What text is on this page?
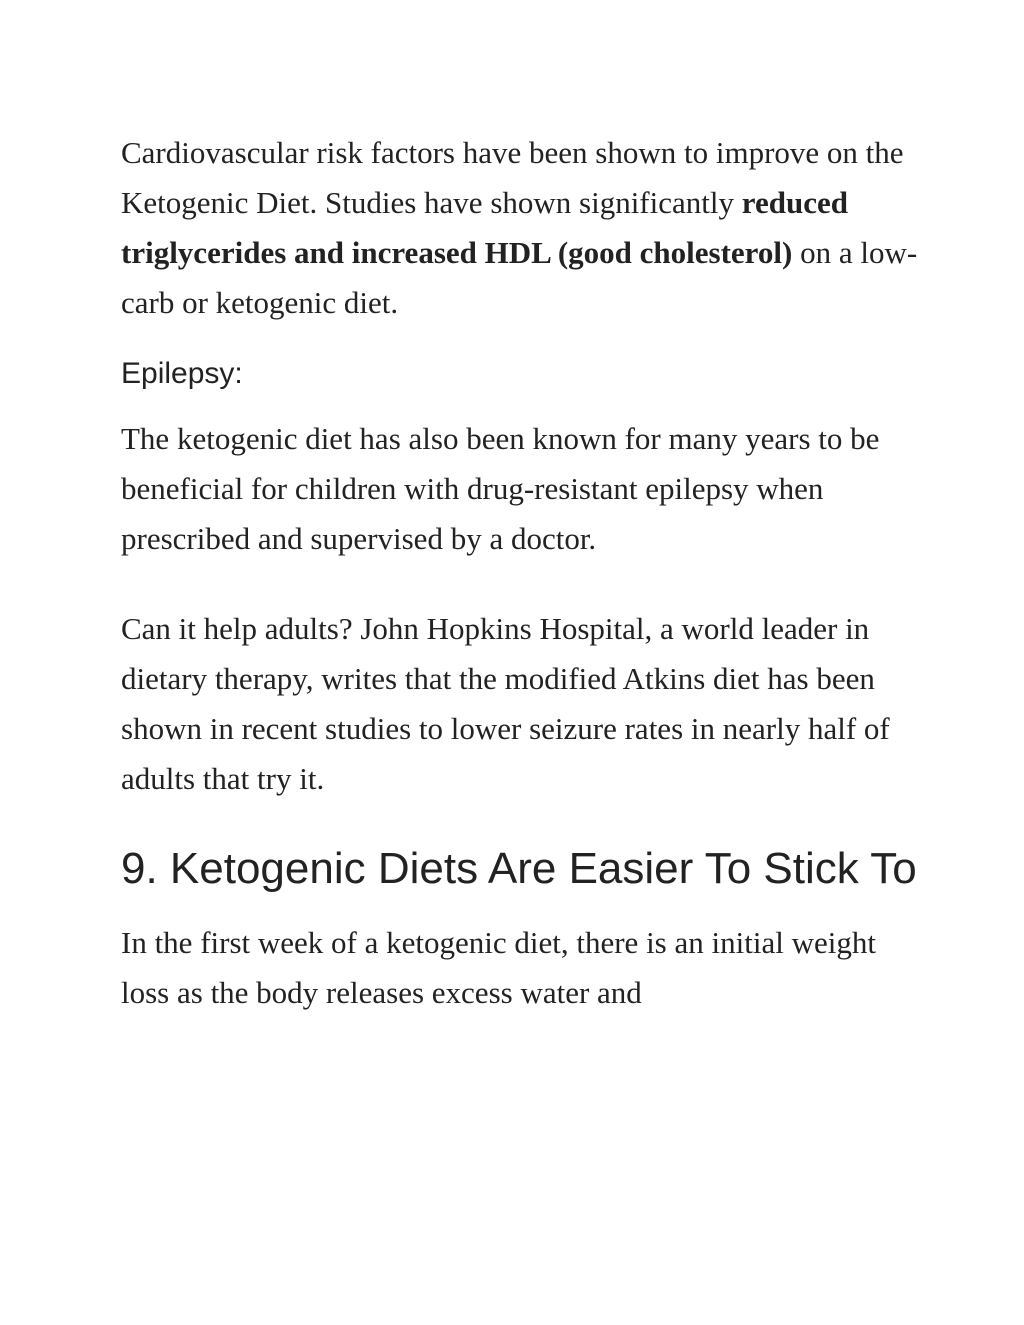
Cardiovascular risk factors have been shown to improve on the Ketogenic Diet. Studies have shown significantly reduced triglycerides and increased HDL (good cholesterol) on a low-carb or ketogenic diet.

Epilepsy:

The ketogenic diet has also been known for many years to be beneficial for children with drug-resistant epilepsy when prescribed and supervised by a doctor.

Can it help adults? John Hopkins Hospital, a world leader in dietary therapy, writes that the modified Atkins diet has been shown in recent studies to lower seizure rates in nearly half of adults that try it.

9. Ketogenic Diets Are Easier To Stick To

In the first week of a ketogenic diet, there is an initial weight loss as the body releases excess water and
